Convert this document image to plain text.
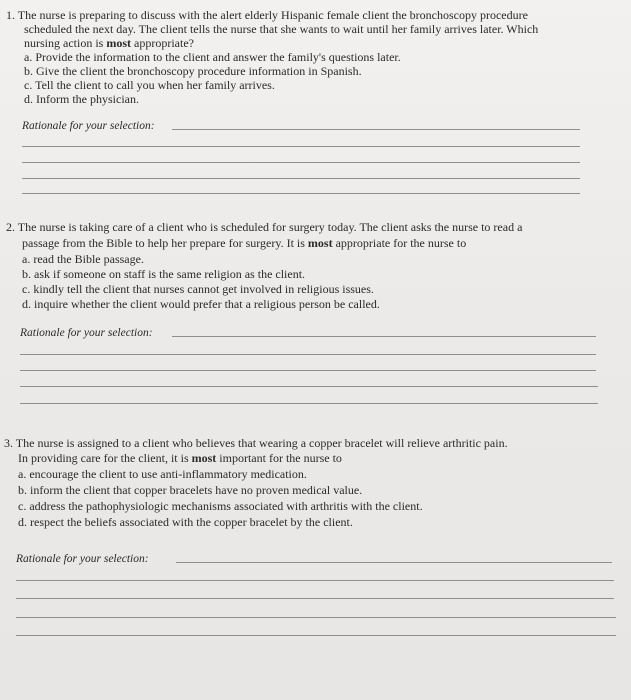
1. The nurse is preparing to discuss with the alert elderly Hispanic female client the bronchoscopy procedure
scheduled the next day. The client tells the nurse that she wants to wait until her family arrives later. Which
nursing action is most appropriate?
a. Provide the information to the client and answer the family's questions later.
b. Give the client the bronchoscopy procedure information in Spanish.
c. Tell the client to call you when her family arrives.
d. Inform the physician.
Rationale for your selection:
2. The nurse is taking care of a client who is scheduled for surgery today. The client asks the nurse to read a
passage from the Bible to help her prepare for surgery. It is most appropriate for the nurse to
a. read the Bible passage.
b. ask if someone on staff is the same religion as the client.
c. kindly tell the client that nurses cannot get involved in religious issues.
d. inquire whether the client would prefer that a religious person be called.
Rationale for your selection:
3. The nurse is assigned to a client who believes that wearing a copper bracelet will relieve arthritic pain.
In providing care for the client, it is most important for the nurse to
a. encourage the client to use anti-inflammatory medication.
b. inform the client that copper bracelets have no proven medical value.
c. address the pathophysiologic mechanisms associated with arthritis with the client.
d. respect the beliefs associated with the copper bracelet by the client.
Rationale for your selection:
